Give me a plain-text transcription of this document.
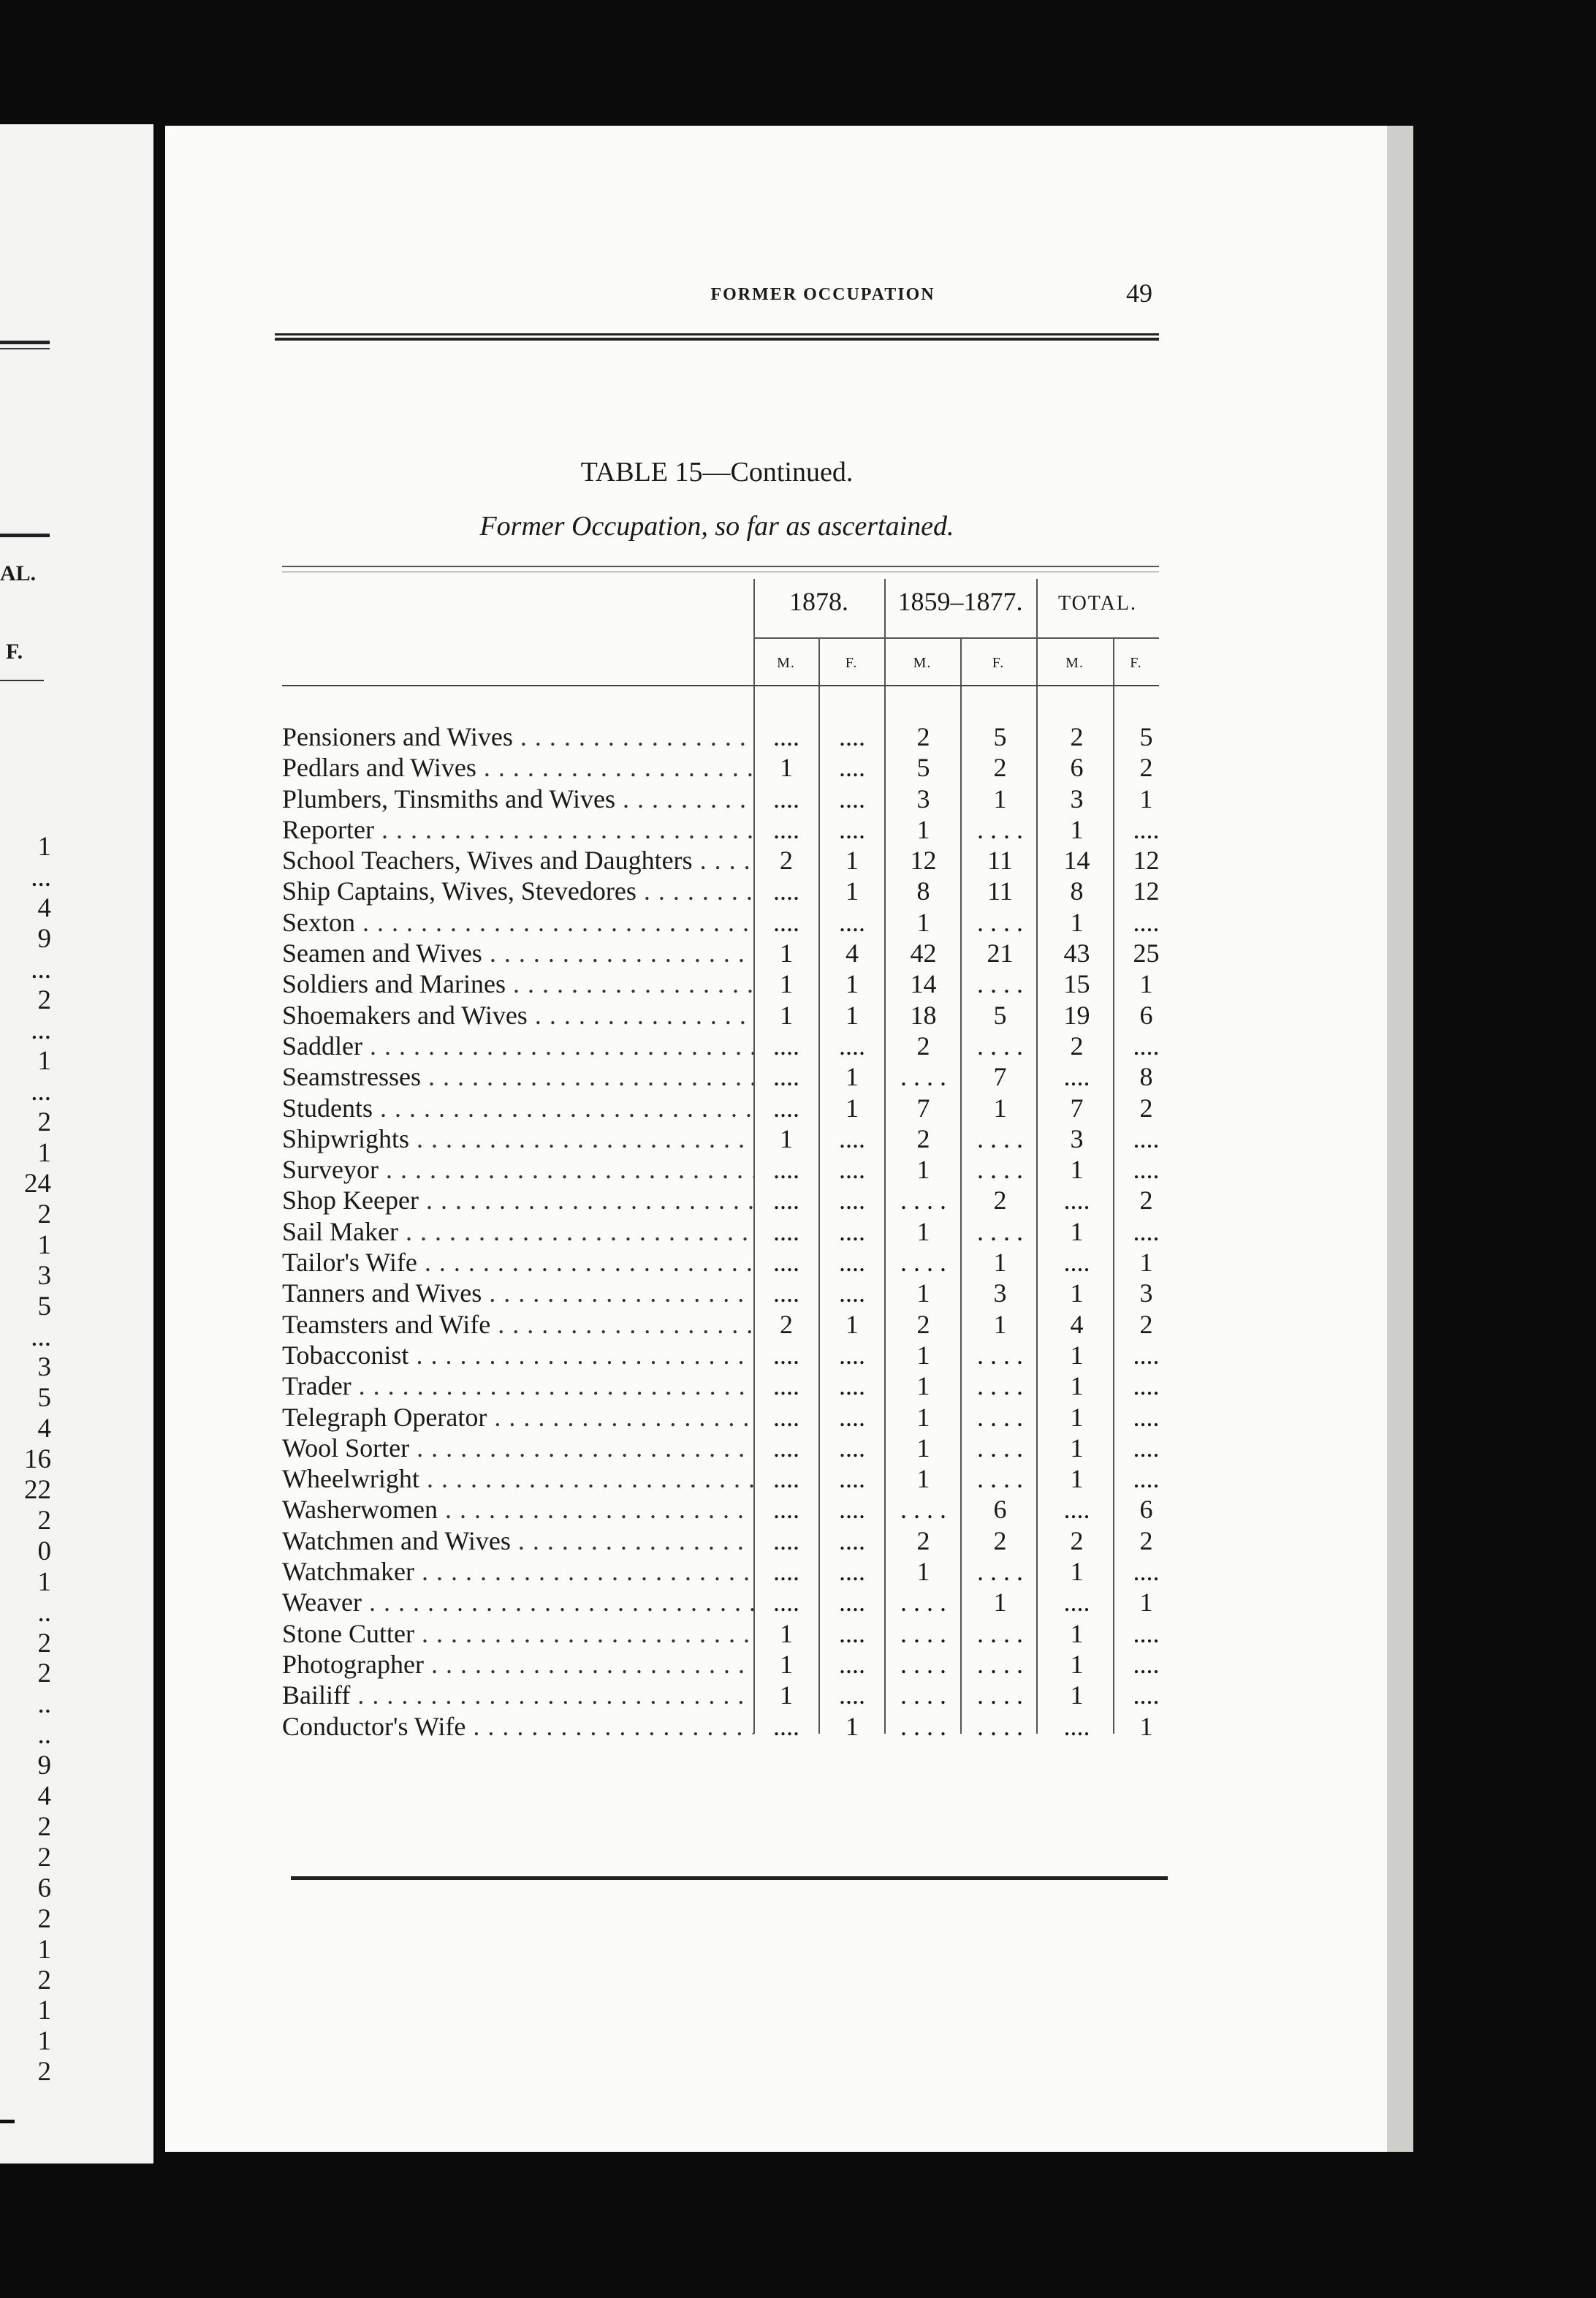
AL.
F.
1
...
4
9
...
2
...
1
...
2
1
24
2
1
3
5
...
3
5
4
16
22
2
0
1
..
2
2
..
..
9
4
2
2
6
2
1
2
1
1
2
FORMER OCCUPATION	49
TABLE 15—Continued.
Former Occupation, so far as ascertained.
1878.	1859–1877.	TOTAL.
M.	F.	M.	F.	M.	F.
Pensioners and Wives . . .	....	....	2	5	2	5
Pedlars and Wives . . .	1	....	5	2	6	2
Plumbers, Tinsmiths and Wives . . .	....	....	3	1	3	1
Reporter . . .	....	....	1	. . . .	1	....
School Teachers, Wives and Daughters . . .	2	1	12	11	14	12
Ship Captains, Wives, Stevedores . . .	....	1	8	11	8	12
Sexton . . .	....	....	1	. . . .	1	....
Seamen and Wives . . .	1	4	42	21	43	25
Soldiers and Marines . . .	1	1	14	. . . .	15	1
Shoemakers and Wives . . .	1	1	18	5	19	6
Saddler . . .	....	....	2	. . . .	2	....
Seamstresses . . .	....	1	. . . .	7	....	8
Students . . .	....	1	7	1	7	2
Shipwrights . . .	1	....	2	. . . .	3	....
Surveyor . . .	....	....	1	. . . .	1	....
Shop Keeper . . .	....	....	. . . .	2	....	2
Sail Maker . . .	....	....	1	. . . .	1	....
Tailor's Wife . . .	....	....	. . . .	1	....	1
Tanners and Wives . . .	....	....	1	3	1	3
Teamsters and Wife . . .	2	1	2	1	4	2
Tobacconist . . .	....	....	1	. . . .	1	....
Trader . . .	....	....	1	. . . .	1	....
Telegraph Operator . . .	....	....	1	. . . .	1	....
Wool Sorter . . .	....	....	1	. . . .	1	....
Wheelwright . . .	....	....	1	. . . .	1	....
Washerwomen . . .	....	....	. . . .	6	....	6
Watchmen and Wives . . .	....	....	2	2	2	2
Watchmaker . . .	....	....	1	. . . .	1	....
Weaver . . .	....	....	. . . .	1	....	1
Stone Cutter . . .	1	....	. . . .	. . . .	1	....
Photographer . . .	1	....	. . . .	. . . .	1	....
Bailiff . . .	1	....	. . . .	. . . .	1	....
Conductor's Wife . . .	....	1	. . . .	. . . .	....	1
